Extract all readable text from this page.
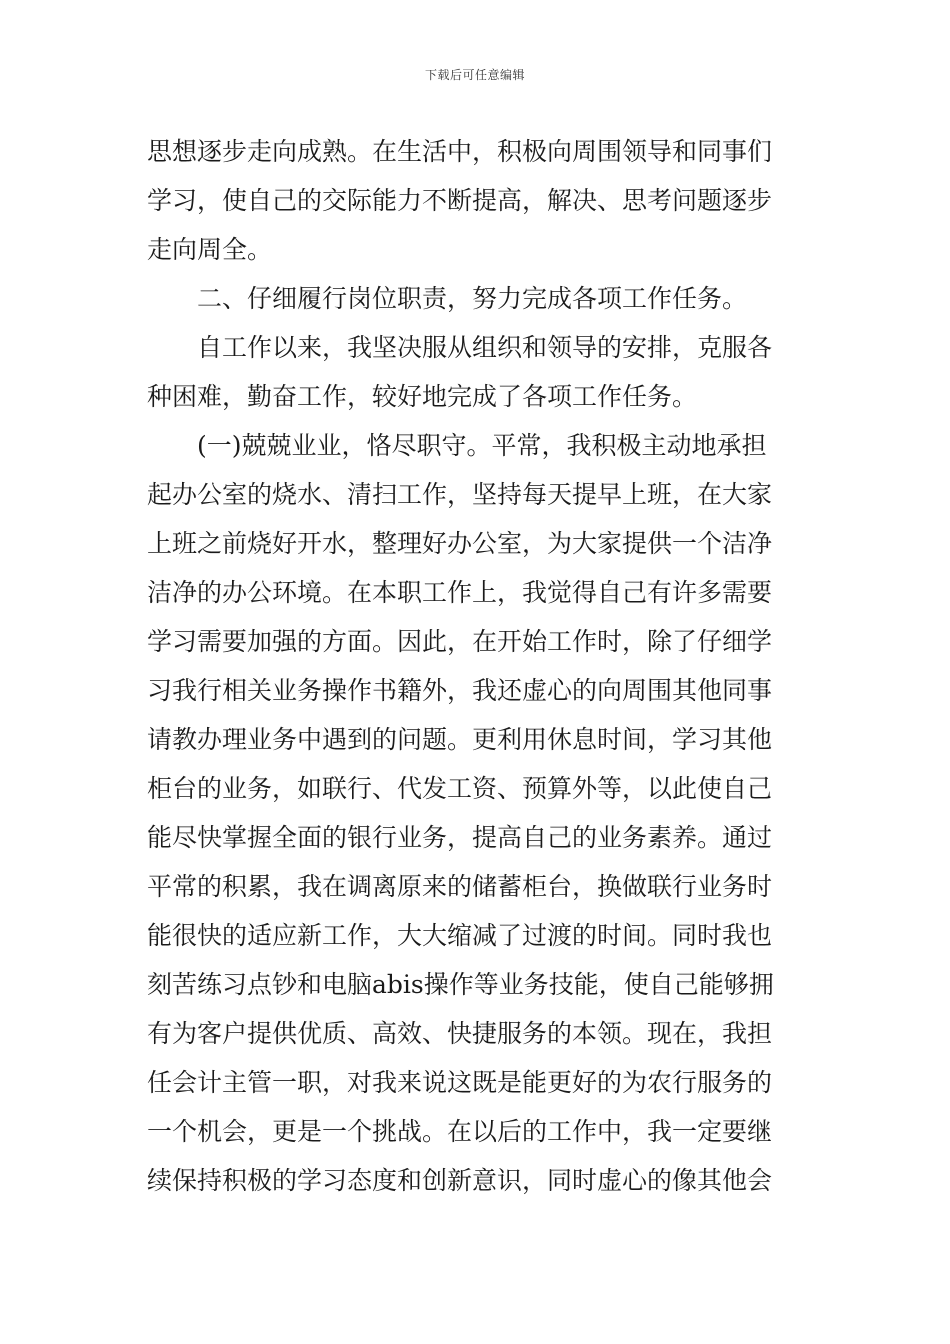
下载后可任意编辑
思想逐步走向成熟。在生活中，积极向周围领导和同事们
学习，使自己的交际能力不断提高，解决、思考问题逐步
走向周全。
二、仔细履行岗位职责，努力完成各项工作任务。
自工作以来，我坚决服从组织和领导的安排，克服各
种困难，勤奋工作，较好地完成了各项工作任务。
(一)兢兢业业，恪尽职守。平常，我积极主动地承担
起办公室的烧水、清扫工作，坚持每天提早上班，在大家
上班之前烧好开水，整理好办公室，为大家提供一个洁净
洁净的办公环境。在本职工作上，我觉得自己有许多需要
学习需要加强的方面。因此，在开始工作时，除了仔细学
习我行相关业务操作书籍外，我还虚心的向周围其他同事
请教办理业务中遇到的问题。更利用休息时间，学习其他
柜台的业务，如联行、代发工资、预算外等，以此使自己
能尽快掌握全面的银行业务，提高自己的业务素养。通过
平常的积累，我在调离原来的储蓄柜台，换做联行业务时
能很快的适应新工作，大大缩减了过渡的时间。同时我也
刻苦练习点钞和电脑abis操作等业务技能，使自己能够拥
有为客户提供优质、高效、快捷服务的本领。现在，我担
任会计主管一职，对我来说这既是能更好的为农行服务的
一个机会，更是一个挑战。在以后的工作中，我一定要继
续保持积极的学习态度和创新意识，同时虚心的像其他会
